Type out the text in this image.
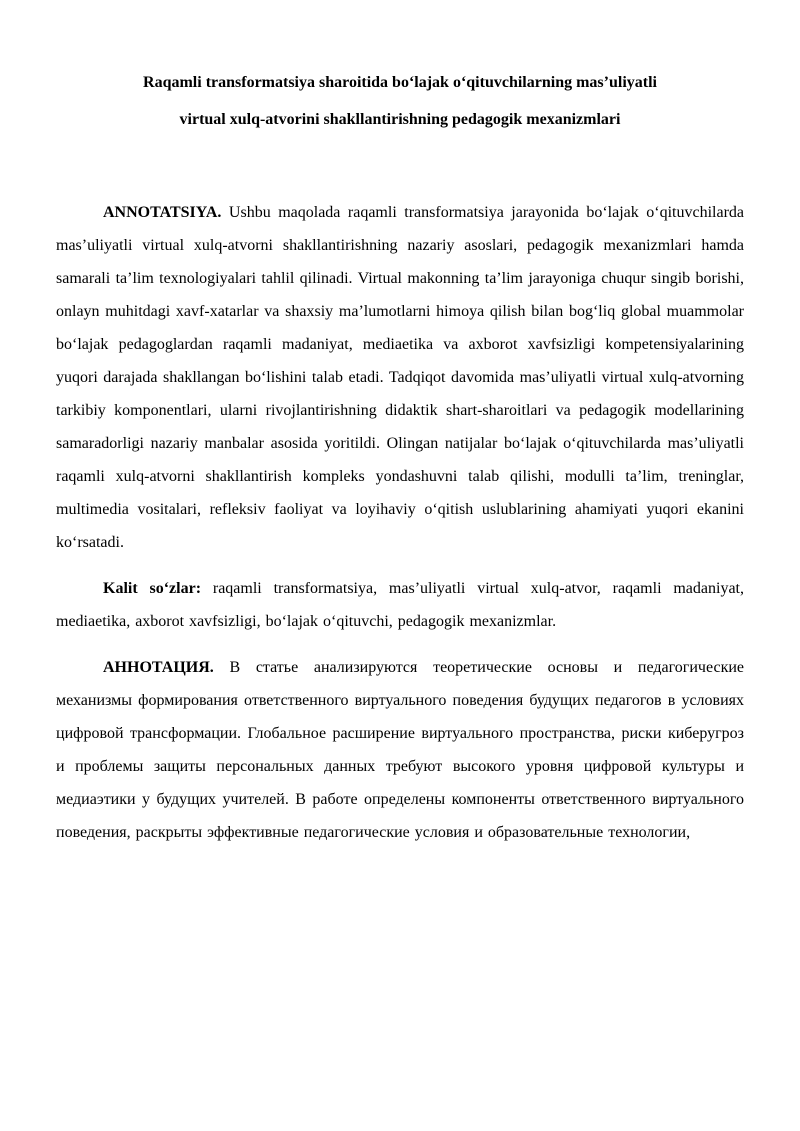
Raqamli transformatsiya sharoitida boʻlajak oʻqituvchilarning mas’uliyatli
virtual xulq-atvorini shakllantirishning pedagogik mexanizmlari

ANNOTATSIYA. Ushbu maqolada raqamli transformatsiya jarayonida boʻlajak oʻqituvchilarda mas’uliyatli virtual xulq-atvorni shakllantirishning nazariy asoslari, pedagogik mexanizmlari hamda samarali ta’lim texnologiyalari tahlil qilinadi. Virtual makonning ta’lim jarayoniga chuqur singib borishi, onlayn muhitdagi xavf-xatarlar va shaxsiy ma’lumotlarni himoya qilish bilan bogʻliq global muammolar boʻlajak pedagoglardan raqamli madaniyat, mediaetika va axborot xavfsizligi kompetensiyalarining yuqori darajada shakllangan boʻlishini talab etadi. Tadqiqot davomida mas’uliyatli virtual xulq-atvorning tarkibiy komponentlari, ularni rivojlantirishning didaktik shart-sharoitlari va pedagogik modellarining samaradorligi nazariy manbalar asosida yoritildi. Olingan natijalar boʻlajak oʻqituvchilarda mas’uliyatli raqamli xulq-atvorni shakllantirish kompleks yondashuvni talab qilishi, modulli ta’lim, treninglar, multimedia vositalari, refleksiv faoliyat va loyihaviy oʻqitish uslublarining ahamiyati yuqori ekanini koʻrsatadi.

Kalit soʻzlar: raqamli transformatsiya, mas’uliyatli virtual xulq-atvor, raqamli madaniyat, mediaetika, axborot xavfsizligi, boʻlajak oʻqituvchi, pedagogik mexanizmlar.

АННОТАЦИЯ. В статье анализируются теоретические основы и педагогические механизмы формирования ответственного виртуального поведения будущих педагогов в условиях цифровой трансформации. Глобальное расширение виртуального пространства, риски киберугроз и проблемы защиты персональных данных требуют высокого уровня цифровой культуры и медиаэтики у будущих учителей. В работе определены компоненты ответственного виртуального поведения, раскрыты эффективные педагогические условия и образовательные технологии,
